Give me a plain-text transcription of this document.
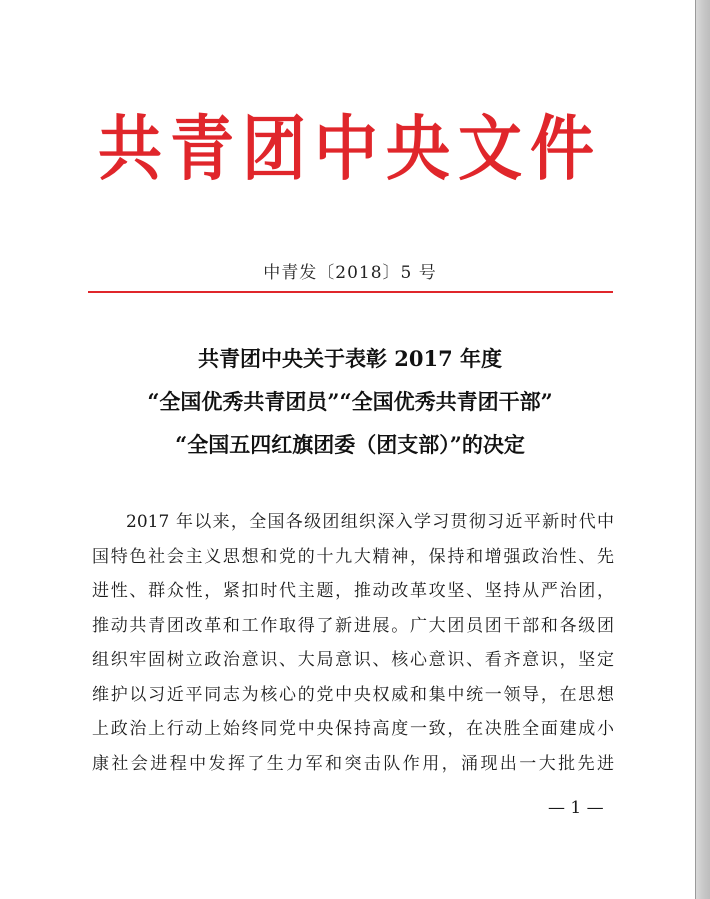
共青团中央文件
中青发〔2018〕5 号
共青团中央关于表彰 2017 年度
“全国优秀共青团员”“全国优秀共青团干部”
“全国五四红旗团委（团支部）”的决定
2017 年以来，全国各级团组织深入学习贯彻习近平新时代中
国特色社会主义思想和党的十九大精神，保持和增强政治性、先
进性、群众性，紧扣时代主题，推动改革攻坚、坚持从严治团，
推动共青团改革和工作取得了新进展。广大团员团干部和各级团
组织牢固树立政治意识、大局意识、核心意识、看齐意识，坚定
维护以习近平同志为核心的党中央权威和集中统一领导，在思想
上政治上行动上始终同党中央保持高度一致，在决胜全面建成小
康社会进程中发挥了生力军和突击队作用，涌现出一大批先进
— 1 —
